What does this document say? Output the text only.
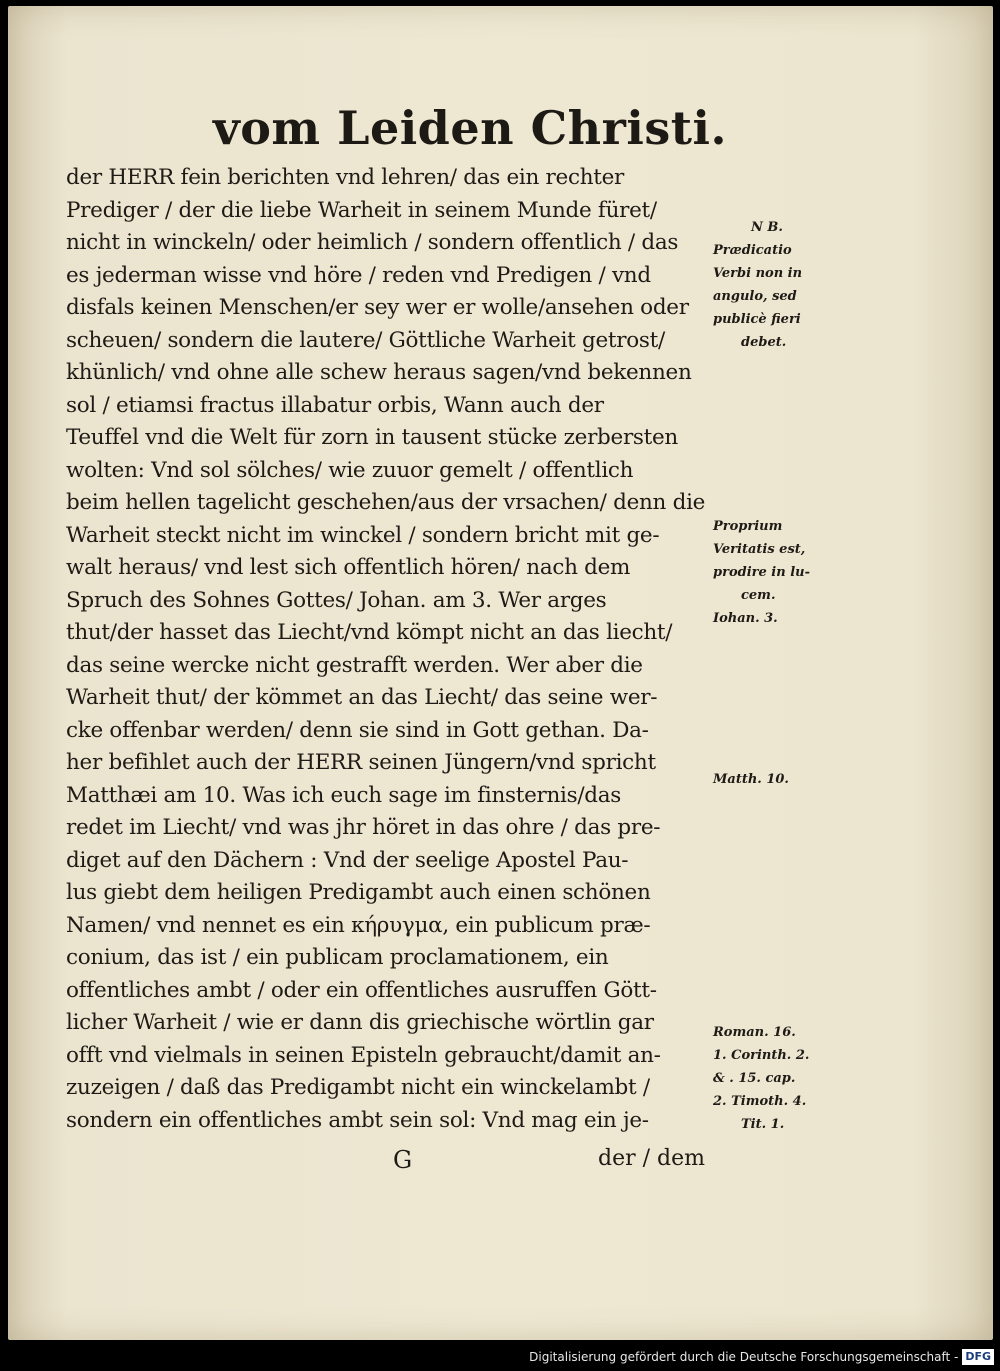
vom Leiden Christi.
der HERR fein berichten vnd lehren/ das ein rechter
Prediger / der die liebe Warheit in seinem Munde füret/
nicht in winckeln/ oder heimlich / sondern offentlich / das
es jederman wisse vnd höre / reden vnd Predigen / vnd
disfals keinen Menschen/er sey wer er wolle/ansehen oder
scheuen/ sondern die lautere/ Göttliche Warheit getrost/
khünlich/ vnd ohne alle schew heraus sagen/vnd bekennen
sol / etiamsi fractus illabatur orbis, Wann auch der
Teuffel vnd die Welt für zorn in tausent stücke zerbersten
wolten: Vnd sol sölches/ wie zuuor gemelt / offentlich
beim hellen tagelicht geschehen/aus der vrsachen/ denn die
Warheit steckt nicht im winckel / sondern bricht mit ge-
walt heraus/ vnd lest sich offentlich hören/ nach dem
Spruch des Sohnes Gottes/ Johan. am 3. Wer arges
thut/der hasset das Liecht/vnd kömpt nicht an das liecht/
das seine wercke nicht gestrafft werden. Wer aber die
Warheit thut/ der kömmet an das Liecht/ das seine wer-
cke offenbar werden/ denn sie sind in Gott gethan. Da-
her befihlet auch der HERR seinen Jüngern/vnd spricht
Matthæi am 10. Was ich euch sage im finsternis/das
redet im Liecht/ vnd was jhr höret in das ohre / das pre-
diget auf den Dächern : Vnd der seelige Apostel Pau-
lus giebt dem heiligen Predigambt auch einen schönen
Namen/ vnd nennet es ein κήρυγμα, ein publicum præ-
conium, das ist / ein publicam proclamationem, ein
offentliches ambt / oder ein offentliches ausruffen Gött-
licher Warheit / wie er dann dis griechische wörtlin gar
offt vnd vielmals in seinen Episteln gebraucht/damit an-
zuzeigen / daß das Predigambt nicht ein winckelambt /
sondern ein offentliches ambt sein sol: Vnd mag ein je-
N B.
Prædicatio
Verbi non in
angulo, sed
publicè fieri
debet.
Proprium
Veritatis est,
prodire in lu-
cem.
Iohan. 3.
Matth. 10.
Roman. 16.
1. Corinth. 2.
& . 15. cap.
2. Timoth. 4.
Tit. 1.
G	der / dem
Digitalisierung gefördert durch die Deutsche Forschungsgemeinschaft - DFG
